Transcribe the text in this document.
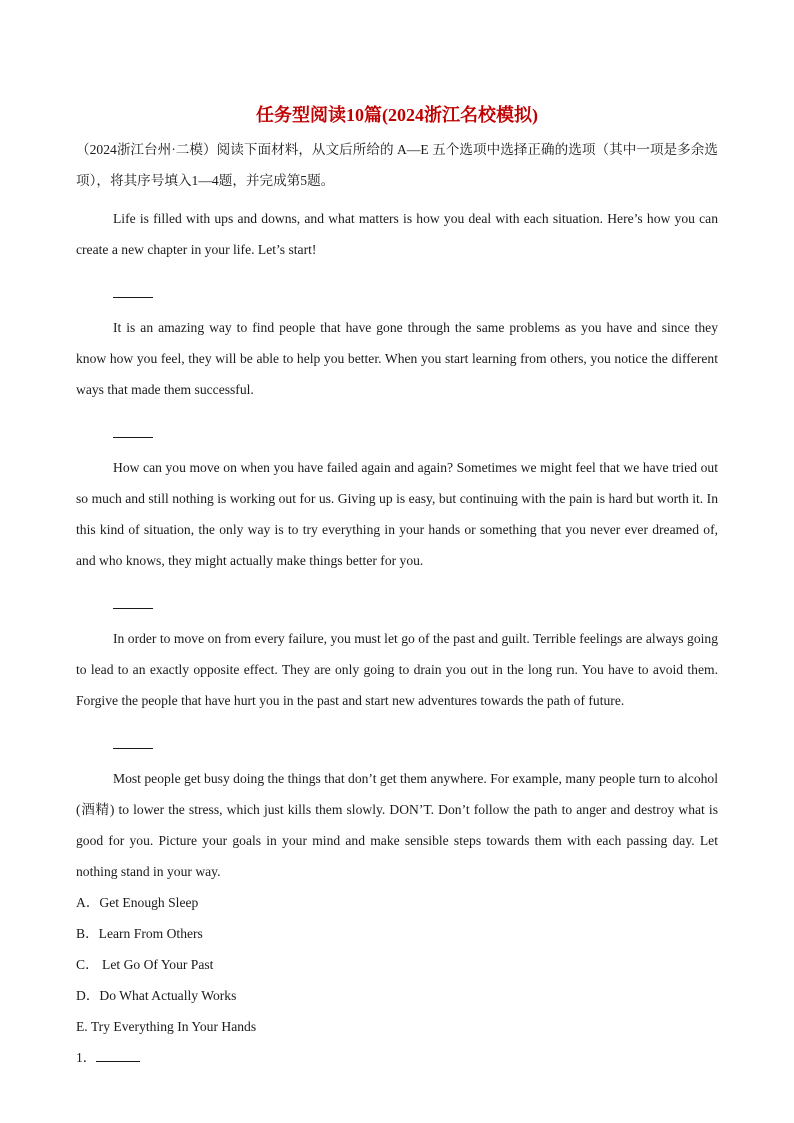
任务型阅读10篇(2024浙江名校模拟)

（2024浙江台州·二模）阅读下面材料，从文后所给的 A—E 五个选项中选择正确的选项（其中一项是多余选项），将其序号填入1—4题，并完成第5题。

Life is filled with ups and downs, and what matters is how you deal with each situation. Here’s how you can create a new chapter in your life. Let’s start!

It is an amazing way to find people that have gone through the same problems as you have and since they know how you feel, they will be able to help you better. When you start learning from others, you notice the different ways that made them successful.

How can you move on when you have failed again and again? Sometimes we might feel that we have tried out so much and still nothing is working out for us. Giving up is easy, but continuing with the pain is hard but worth it. In this kind of situation, the only way is to try everything in your hands or something that you never ever dreamed of, and who knows, they might actually make things better for you.

In order to move on from every failure, you must let go of the past and guilt. Terrible feelings are always going to lead to an exactly opposite effect. They are only going to drain you out in the long run. You have to avoid them. Forgive the people that have hurt you in the past and start new adventures towards the path of future.

Most people get busy doing the things that don’t get them anywhere. For example, many people turn to alcohol (酒精) to lower the stress, which just kills them slowly. DON’T. Don’t follow the path to anger and destroy what is good for you. Picture your goals in your mind and make sensible steps towards them with each passing day. Let nothing stand in your way.

A．Get Enough Sleep

B．Learn From Others

C． Let Go Of Your Past

D．Do What Actually Works

E. Try Everything In Your Hands

1．
